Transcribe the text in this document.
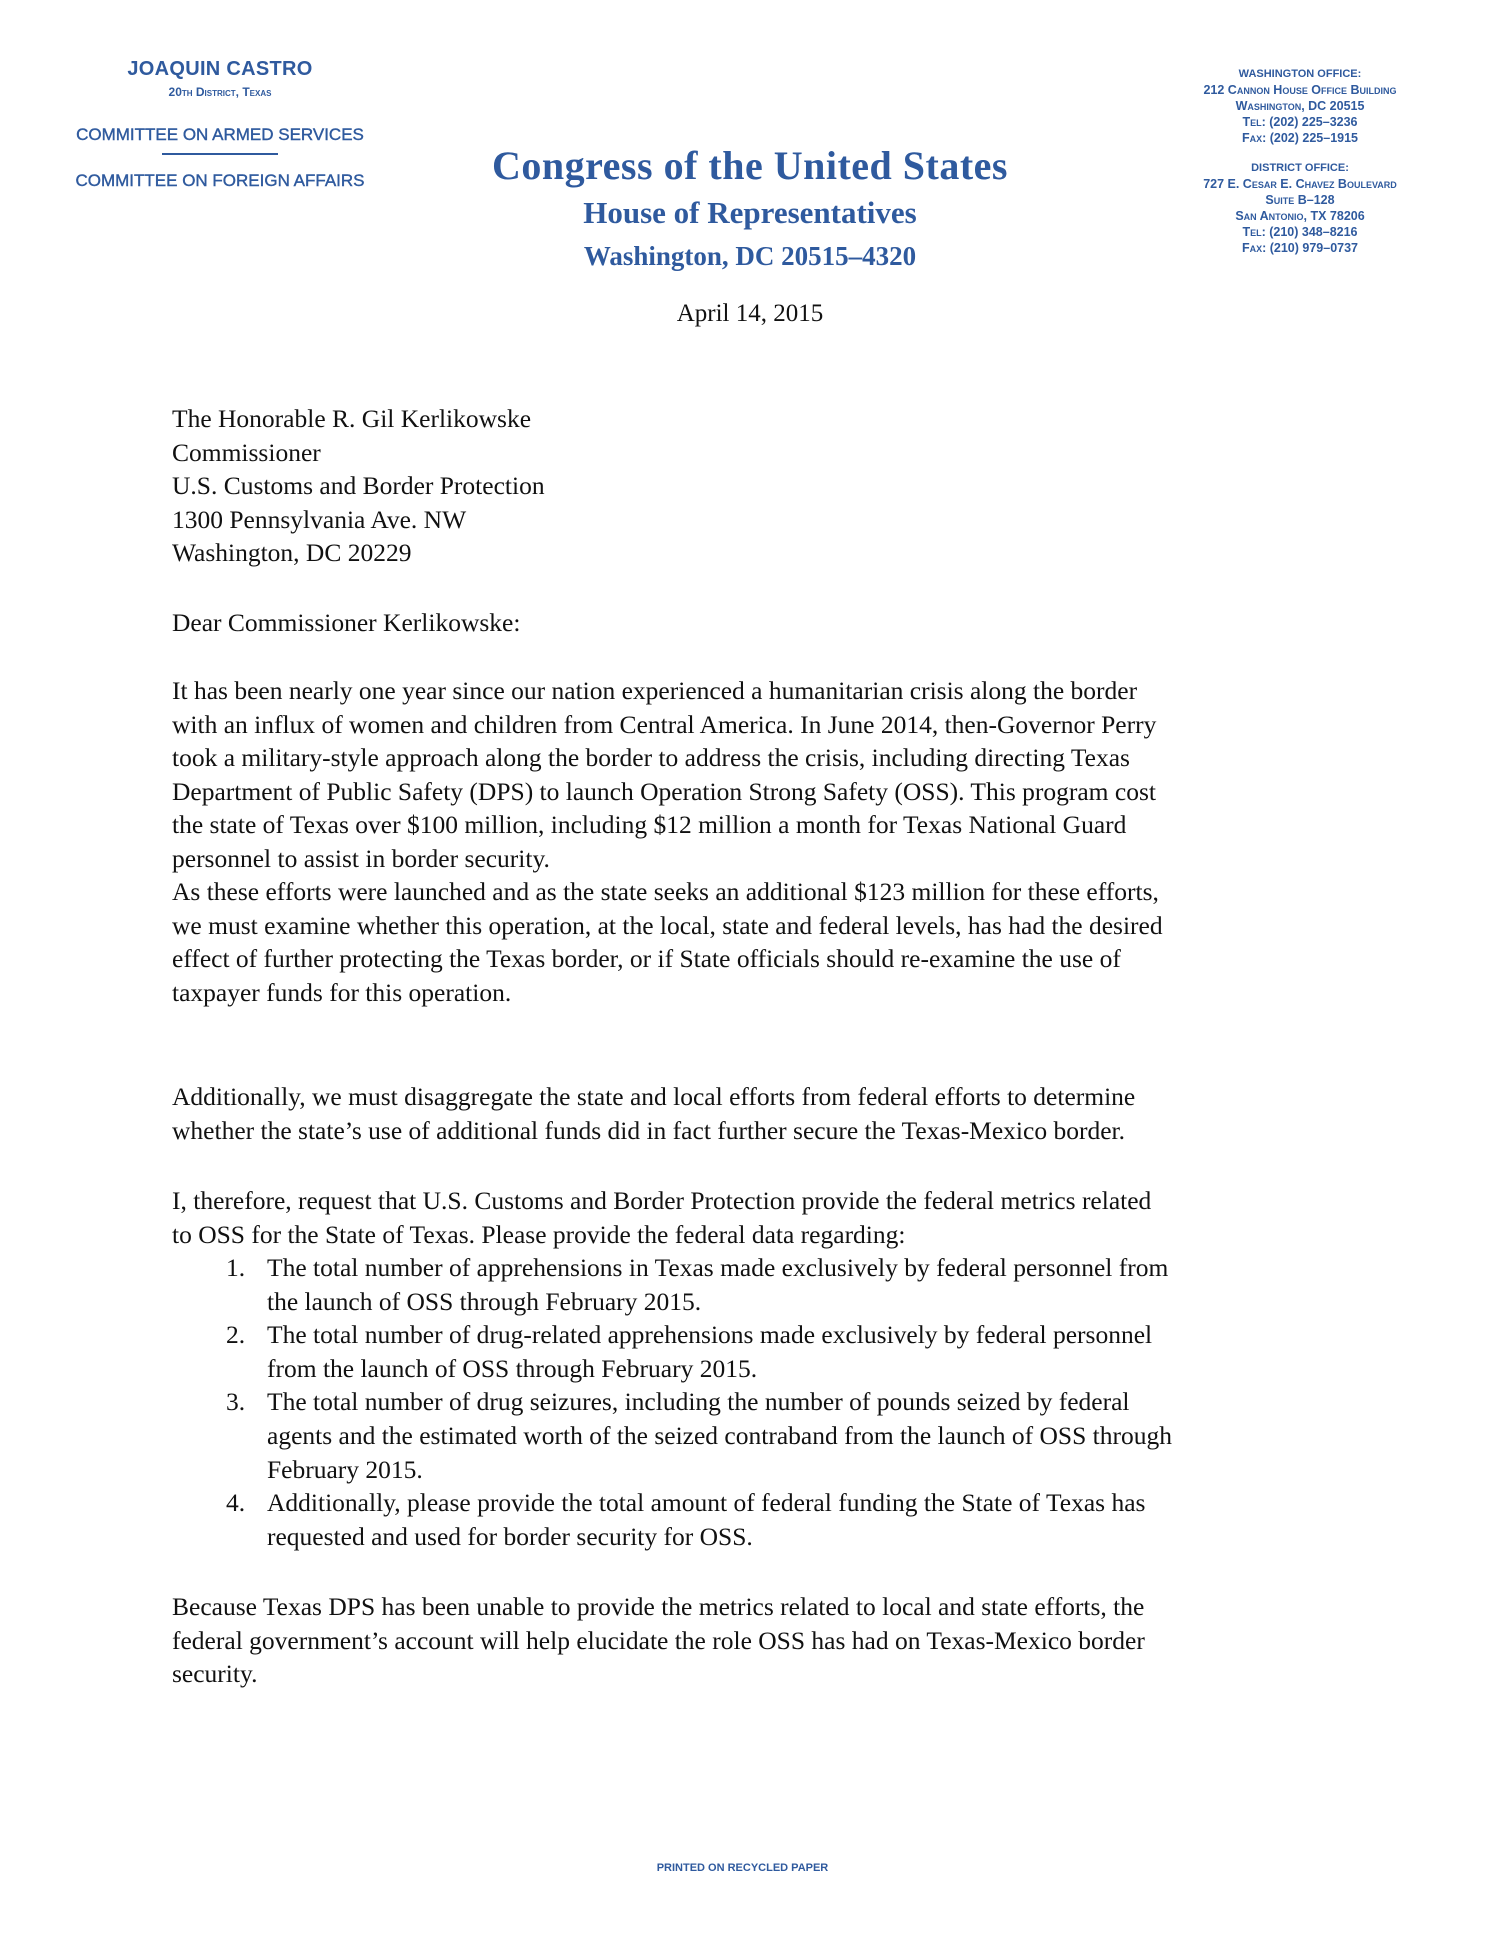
JOAQUIN CASTRO
20th District, Texas
COMMITTEE ON ARMED SERVICES
COMMITTEE ON FOREIGN AFFAIRS	Congress of the United States
House of Representatives
Washington, DC 20515–4320
April 14, 2015
WASHINGTON OFFICE:
212 Cannon House Office Building
Washington, DC 20515
Tel: (202) 225–3236
Fax: (202) 225–1915
DISTRICT OFFICE:
727 E. Cesar E. Chavez Boulevard
Suite B–128
San Antonio, TX 78206
Tel: (210) 348–8216
Fax: (210) 979–0737
The Honorable R. Gil Kerlikowske
Commissioner
U.S. Customs and Border Protection
1300 Pennsylvania Ave. NW
Washington, DC 20229
Dear Commissioner Kerlikowske:
It has been nearly one year since our nation experienced a humanitarian crisis along the border
with an influx of women and children from Central America. In June 2014, then-Governor Perry
took a military-style approach along the border to address the crisis, including directing Texas
Department of Public Safety (DPS) to launch Operation Strong Safety (OSS). This program cost
the state of Texas over $100 million, including $12 million a month for Texas National Guard
personnel to assist in border security.
As these efforts were launched and as the state seeks an additional $123 million for these efforts,
we must examine whether this operation, at the local, state and federal levels, has had the desired
effect of further protecting the Texas border, or if State officials should re-examine the use of
taxpayer funds for this operation.
Additionally, we must disaggregate the state and local efforts from federal efforts to determine
whether the state’s use of additional funds did in fact further secure the Texas-Mexico border.
I, therefore, request that U.S. Customs and Border Protection provide the federal metrics related
to OSS for the State of Texas. Please provide the federal data regarding:
1. The total number of apprehensions in Texas made exclusively by federal personnel from
the launch of OSS through February 2015.
2. The total number of drug-related apprehensions made exclusively by federal personnel
from the launch of OSS through February 2015.
3. The total number of drug seizures, including the number of pounds seized by federal
agents and the estimated worth of the seized contraband from the launch of OSS through
February 2015.
4. Additionally, please provide the total amount of federal funding the State of Texas has
requested and used for border security for OSS.
Because Texas DPS has been unable to provide the metrics related to local and state efforts, the
federal government’s account will help elucidate the role OSS has had on Texas-Mexico border
security.
PRINTED ON RECYCLED PAPER
